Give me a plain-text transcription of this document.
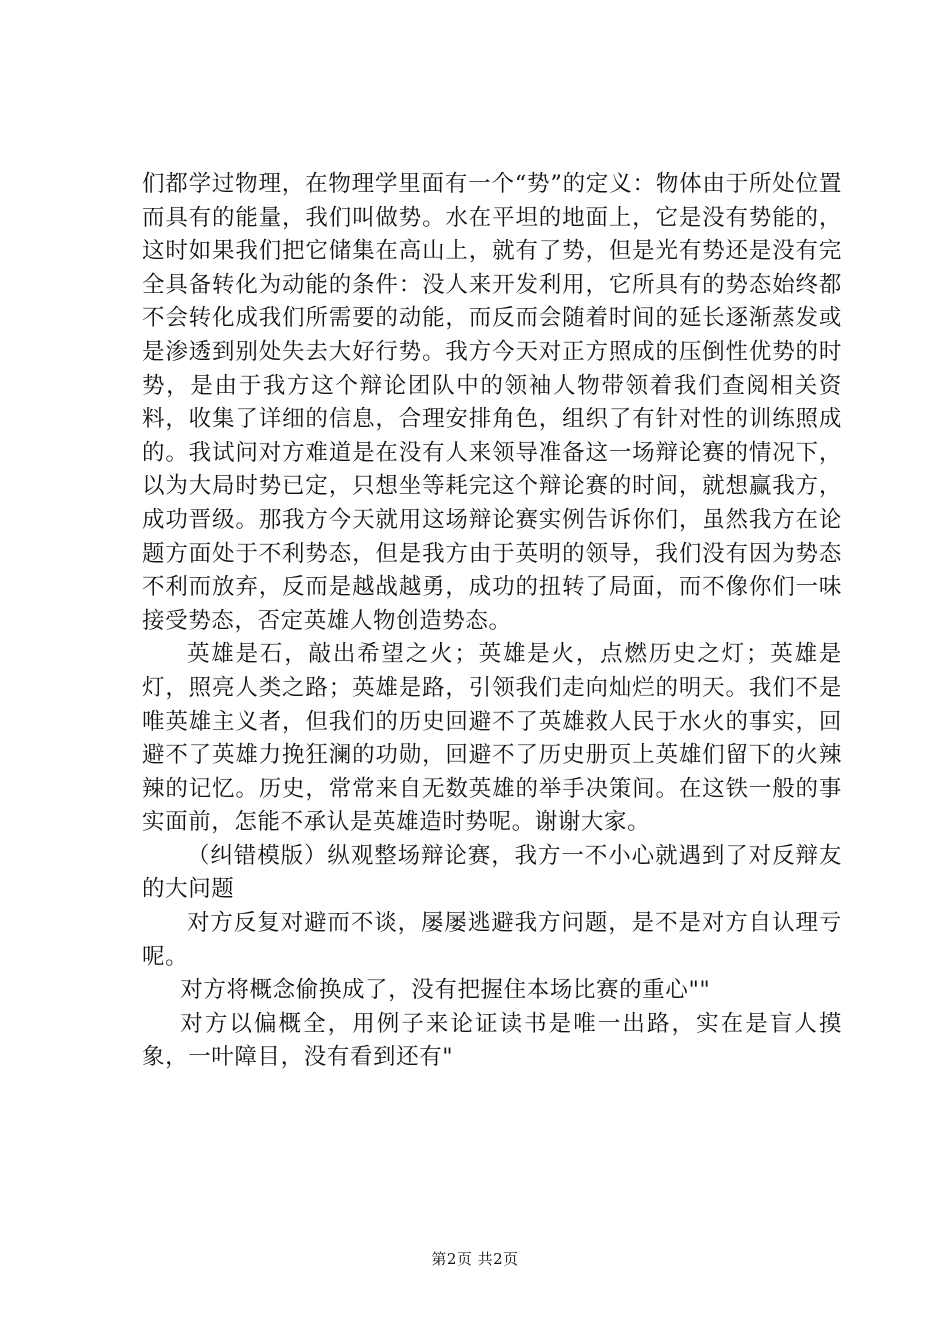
们都学过物理，在物理学里面有一个“势”的定义：物体由于所处位置而具有的能量，我们叫做势。水在平坦的地面上，它是没有势能的，这时如果我们把它储集在高山上，就有了势，但是光有势还是没有完全具备转化为动能的条件：没人来开发利用，它所具有的势态始终都不会转化成我们所需要的动能，而反而会随着时间的延长逐渐蒸发或是渗透到别处失去大好行势。我方今天对正方照成的压倒性优势的时势，是由于我方这个辩论团队中的领袖人物带领着我们查阅相关资料，收集了详细的信息，合理安排角色，组织了有针对性的训练照成的。我试问对方难道是在没有人来领导准备这一场辩论赛的情况下，以为大局时势已定，只想坐等耗完这个辩论赛的时间，就想赢我方，成功晋级。那我方今天就用这场辩论赛实例告诉你们，虽然我方在论题方面处于不利势态，但是我方由于英明的领导，我们没有因为势态不利而放弃，反而是越战越勇，成功的扭转了局面，而不像你们一味接受势态，否定英雄人物创造势态。

英雄是石，敲出希望之火；英雄是火，点燃历史之灯；英雄是灯，照亮人类之路；英雄是路，引领我们走向灿烂的明天。我们不是唯英雄主义者，但我们的历史回避不了英雄救人民于水火的事实，回避不了英雄力挽狂澜的功勋，回避不了历史册页上英雄们留下的火辣辣的记忆。历史，常常来自无数英雄的举手决策间。在这铁一般的事实面前，怎能不承认是英雄造时势呢。谢谢大家。

（纠错模版）纵观整场辩论赛，我方一不小心就遇到了对反辩友的大问题

对方反复对避而不谈，屡屡逃避我方问题，是不是对方自认理亏呢。

对方将概念偷换成了，没有把握住本场比赛的重心""

对方以偏概全，用例子来论证读书是唯一出路，实在是盲人摸象，一叶障目，没有看到还有"

第2页 共2页
